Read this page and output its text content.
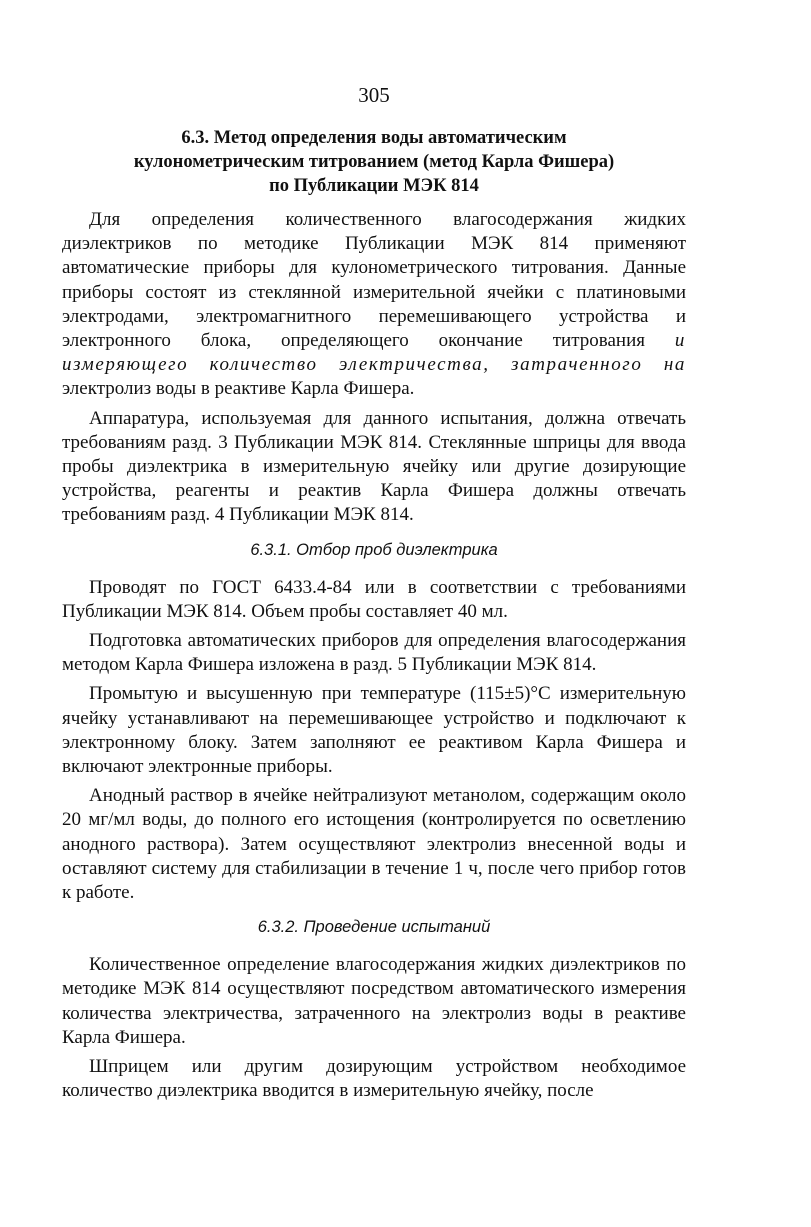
305
6.3. Метод определения воды автоматическим
кулонометрическим титрованием (метод Карла Фишера)
по Публикации МЭК 814

Для определения количественного влагосодержания жидких диэлектриков по методике Публикации МЭК 814 применяют автоматические приборы для кулонометрического титрования. Данные приборы состоят из стеклянной измерительной ячейки с платиновыми электродами, электромагнитного перемешивающего устройства и электронного блока, определяющего окончание титрования и измеряющего количество электричества, затраченного на электролиз воды в реактиве Карла Фишера.

Аппаратура, используемая для данного испытания, должна отвечать требованиям разд. 3 Публикации МЭК 814. Стеклянные шприцы для ввода пробы диэлектрика в измерительную ячейку или другие дозирующие устройства, реагенты и реактив Карла Фишера должны отвечать требованиям разд. 4 Публикации МЭК 814.

6.3.1. Отбор проб диэлектрика

Проводят по ГОСТ 6433.4-84 или в соответствии с требованиями Публикации МЭК 814. Объем пробы составляет 40 мл.

Подготовка автоматических приборов для определения влагосодержания методом Карла Фишера изложена в разд. 5 Публикации МЭК 814.

Промытую и высушенную при температуре (115±5)°С измерительную ячейку устанавливают на перемешивающее устройство и подключают к электронному блоку. Затем заполняют ее реактивом Карла Фишера и включают электронные приборы.

Анодный раствор в ячейке нейтрализуют метанолом, содержащим около 20 мг/мл воды, до полного его истощения (контролируется по осветлению анодного раствора). Затем осуществляют электролиз внесенной воды и оставляют систему для стабилизации в течение 1 ч, после чего прибор готов к работе.

6.3.2. Проведение испытаний

Количественное определение влагосодержания жидких диэлектриков по методике МЭК 814 осуществляют посредством автоматического измерения количества электричества, затраченного на электролиз воды в реактиве Карла Фишера.

Шприцем или другим дозирующим устройством необходимое количество диэлектрика вводится в измерительную ячейку, после
